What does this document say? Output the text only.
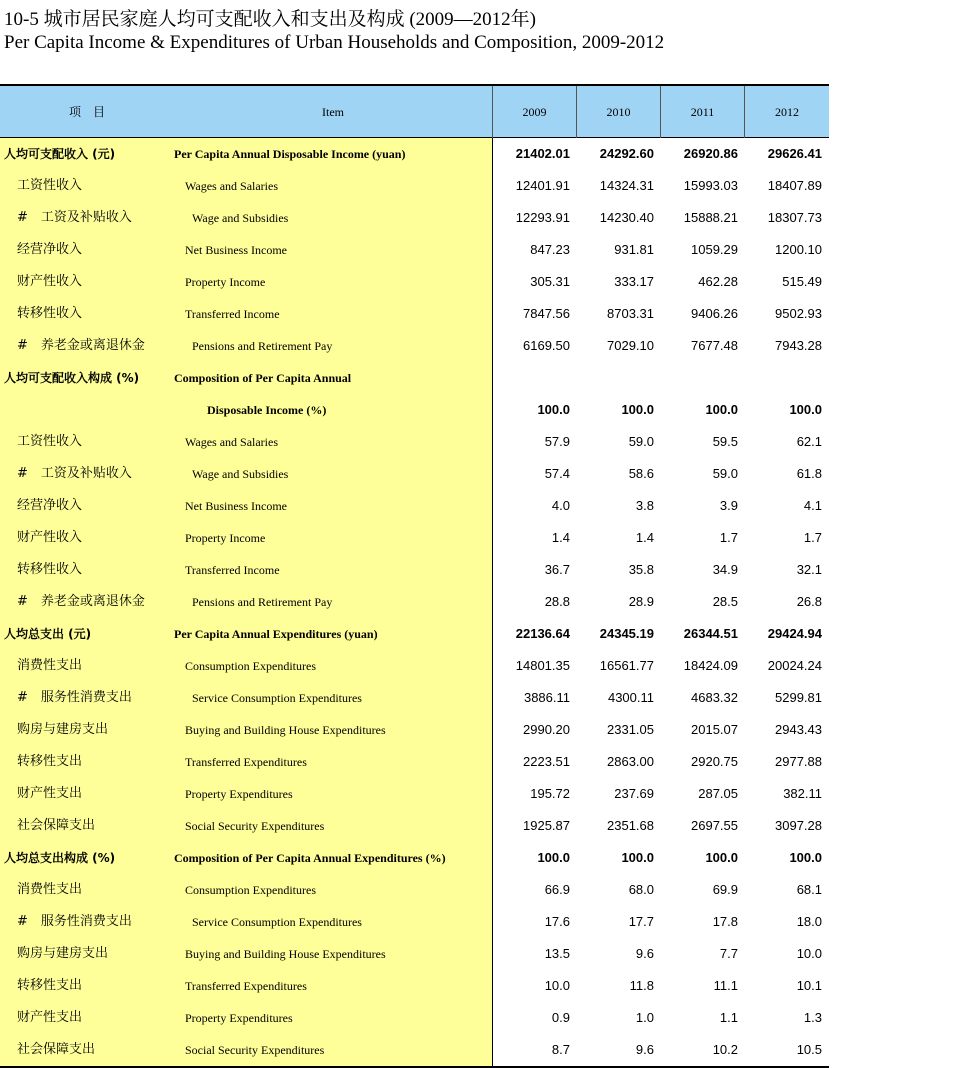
10-5 城市居民家庭人均可支配收入和支出及构成 (2009—2012年)
Per Capita Income & Expenditures of Urban Households and Composition, 2009-2012
项　目	Item	2009	2010	2011	2012
人均可支配收入 (元)	Per Capita Annual Disposable Income (yuan)	21402.01	24292.60	26920.86	29626.41
工资性收入	Wages and Salaries	12401.91	14324.31	15993.03	18407.89
#　工资及补贴收入	Wage and Subsidies	12293.91	14230.40	15888.21	18307.73
经营净收入	Net Business Income	847.23	931.81	1059.29	1200.10
财产性收入	Property Income	305.31	333.17	462.28	515.49
转移性收入	Transferred Income	7847.56	8703.31	9406.26	9502.93
#　养老金或离退休金	Pensions and Retirement Pay	6169.50	7029.10	7677.48	7943.28
人均可支配收入构成 (%)	Composition of Per Capita Annual
Disposable Income (%)	100.0	100.0	100.0	100.0
工资性收入	Wages and Salaries	57.9	59.0	59.5	62.1
#　工资及补贴收入	Wage and Subsidies	57.4	58.6	59.0	61.8
经营净收入	Net Business Income	4.0	3.8	3.9	4.1
财产性收入	Property Income	1.4	1.4	1.7	1.7
转移性收入	Transferred Income	36.7	35.8	34.9	32.1
#　养老金或离退休金	Pensions and Retirement Pay	28.8	28.9	28.5	26.8
人均总支出 (元)	Per Capita Annual Expenditures (yuan)	22136.64	24345.19	26344.51	29424.94
消费性支出	Consumption Expenditures	14801.35	16561.77	18424.09	20024.24
#　服务性消费支出	Service Consumption Expenditures	3886.11	4300.11	4683.32	5299.81
购房与建房支出	Buying and Building House Expenditures	2990.20	2331.05	2015.07	2943.43
转移性支出	Transferred Expenditures	2223.51	2863.00	2920.75	2977.88
财产性支出	Property Expenditures	195.72	237.69	287.05	382.11
社会保障支出	Social Security Expenditures	1925.87	2351.68	2697.55	3097.28
人均总支出构成 (%)	Composition of Per Capita Annual Expenditures (%)	100.0	100.0	100.0	100.0
消费性支出	Consumption Expenditures	66.9	68.0	69.9	68.1
#　服务性消费支出	Service Consumption Expenditures	17.6	17.7	17.8	18.0
购房与建房支出	Buying and Building House Expenditures	13.5	9.6	7.7	10.0
转移性支出	Transferred Expenditures	10.0	11.8	11.1	10.1
财产性支出	Property Expenditures	0.9	1.0	1.1	1.3
社会保障支出	Social Security Expenditures	8.7	9.6	10.2	10.5
